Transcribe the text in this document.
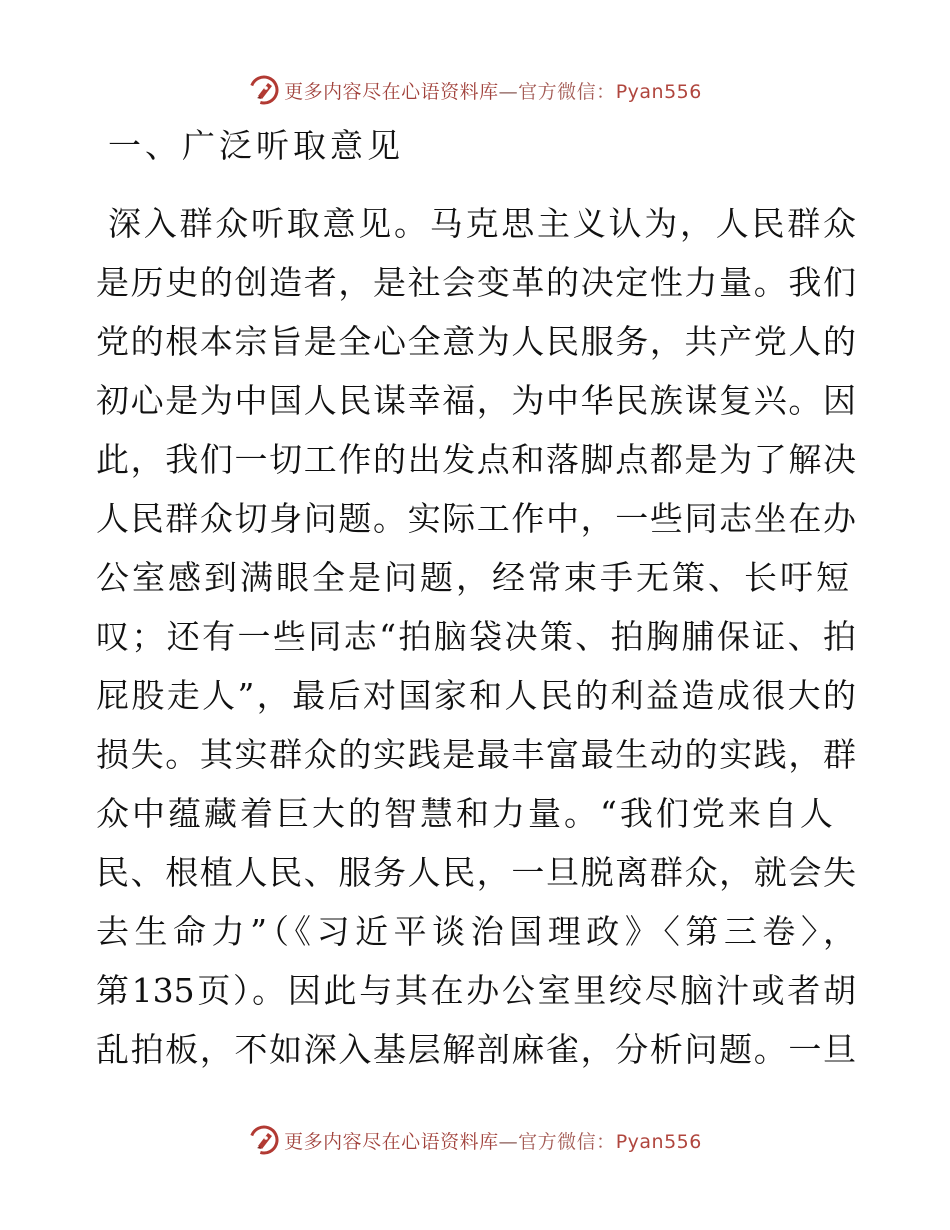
更多内容尽在心语资料库—官方微信：Pyan556
一、广泛听取意见
深入群众听取意见。马克思主义认为，人民群众
是历史的创造者，是社会变革的决定性力量。我们
党的根本宗旨是全心全意为人民服务，共产党人的
初心是为中国人民谋幸福，为中华民族谋复兴。因
此，我们一切工作的出发点和落脚点都是为了解决
人民群众切身问题。实际工作中，一些同志坐在办
公室感到满眼全是问题，经常束手无策、长吁短
叹；还有一些同志“拍脑袋决策、拍胸脯保证、拍
屁股走人”，最后对国家和人民的利益造成很大的
损失。其实群众的实践是最丰富最生动的实践，群
众中蕴藏着巨大的智慧和力量。“我们党来自人
民、根植人民、服务人民，一旦脱离群众，就会失
去生命力”（《习近平谈治国理政》〈第三卷〉，
第135页）。因此与其在办公室里绞尽脑汁或者胡
乱拍板，不如深入基层解剖麻雀，分析问题。一旦
更多内容尽在心语资料库—官方微信：Pyan556
